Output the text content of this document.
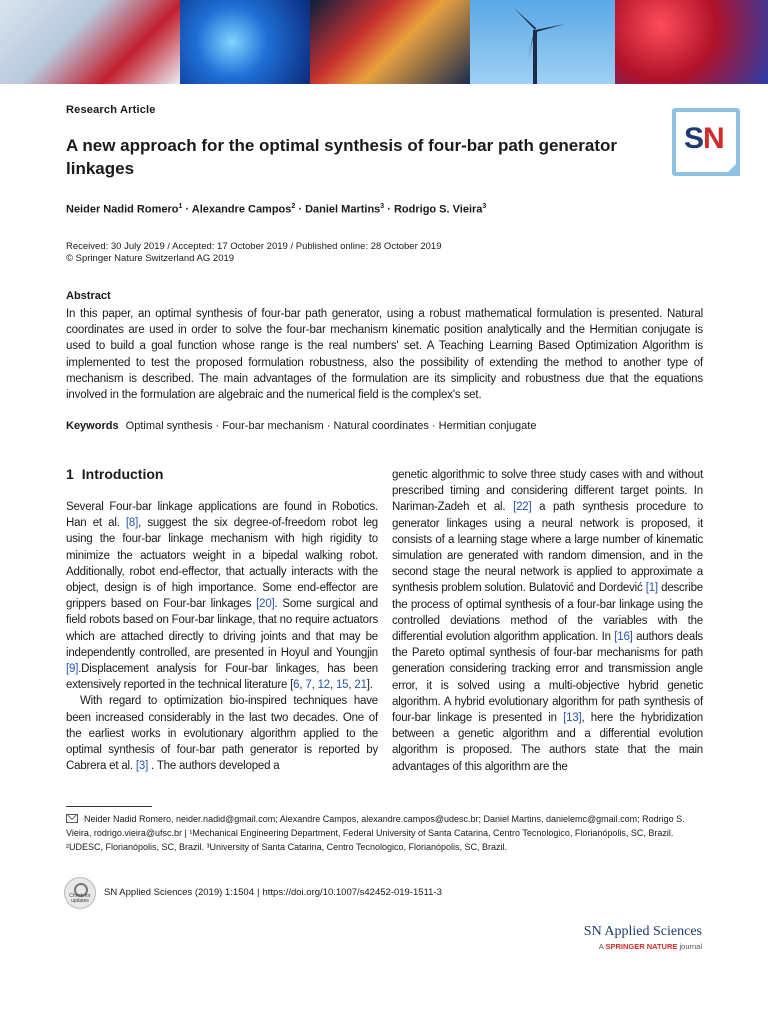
Research Article
A new approach for the optimal synthesis of four-bar path generator linkages
SN
Neider Nadid Romero$^1$ · Alexandre Campos$^2$ · Daniel Martins$^3$ · Rodrigo S. Vieira$^3$
Received: 30 July 2019 / Accepted: 17 October 2019 / Published online: 28 October 2019
© Springer Nature Switzerland AG 2019
Abstract
In this paper, an optimal synthesis of four-bar path generator, using a robust mathematical formulation is presented. Natural coordinates are used in order to solve the four-bar mechanism kinematic position analytically and the Hermitian conjugate is used to build a goal function whose range is the real numbers' set. A Teaching Learning Based Optimization Algorithm is implemented to test the proposed formulation robustness, also the possibility of extending the method to another type of mechanism is described. The main advantages of the formulation are its simplicity and robustness due that the equations involved in the formulation are algebraic and the numerical field is the complex's set.
Keywords Optimal synthesis · Four-bar mechanism · Natural coordinates · Hermitian conjugate
1 Introduction

Several Four-bar linkage applications are found in Robotics. Han et al. [8], suggest the six degree-of-freedom robot leg using the four-bar linkage mechanism with high rigidity to minimize the actuators weight in a bipedal walking robot. Additionally, robot end-effector, that actually interacts with the object, design is of high importance. Some end-effector are grippers based on Four-bar linkages [20]. Some surgical and field robots based on Four-bar linkage, that no require actuators which are attached directly to driving joints and that may be independently controlled, are presented in Hoyul and Youngjin [9].Displacement analysis for Four-bar linkages, has been extensively reported in the technical literature [6, 7, 12, 15, 21].

With regard to optimization bio-inspired techniques have been increased considerably in the last two decades. One of the earliest works in evolutionary algorithm applied to the optimal synthesis of four-bar path generator is reported by Cabrera et al. [3] . The authors developed a

genetic algorithmic to solve three study cases with and without prescribed timing and considering different target points. In Nariman-Zadeh et al. [22] a path synthesis procedure to generator linkages using a neural network is proposed, it consists of a learning stage where a large number of kinematic simulation are generated with random dimension, and in the second stage the neural network is applied to approximate a synthesis problem solution. Bulatović and Dordević [1] describe the process of optimal synthesis of a four-bar linkage using the controlled deviations method of the variables with the differential evolution algorithm application. In [16] authors deals the Pareto optimal synthesis of four-bar mechanisms for path generation considering tracking error and transmission angle error, it is solved using a multi-objective hybrid genetic algorithm. A hybrid evolutionary algorithm for path synthesis of four-bar linkage is presented in [13], here the hybridization between a genetic algorithm and a differential evolution algorithm is proposed. The authors state that the main advantages of this algorithm are the

Neider Nadid Romero, neider.nadid@gmail.com; Alexandre Campos, alexandre.campos@udesc.br; Daniel Martins, danielemc@gmail.com; Rodrigo S. Vieira, rodrigo.vieira@ufsc.br | ¹Mechanical Engineering Department, Federal University of Santa Catarina, Centro Tecnologico, Florianópolis, SC, Brazil. ²UDESC, Florianópolis, SC, Brazil. ³University of Santa Catarina, Centro Tecnologico, Florianópolis, SC, Brazil.
Check for updates
SN Applied Sciences (2019) 1:1504 | https://doi.org/10.1007/s42452-019-1511-3
SN Applied Sciences
A SPRINGER NATURE journal
